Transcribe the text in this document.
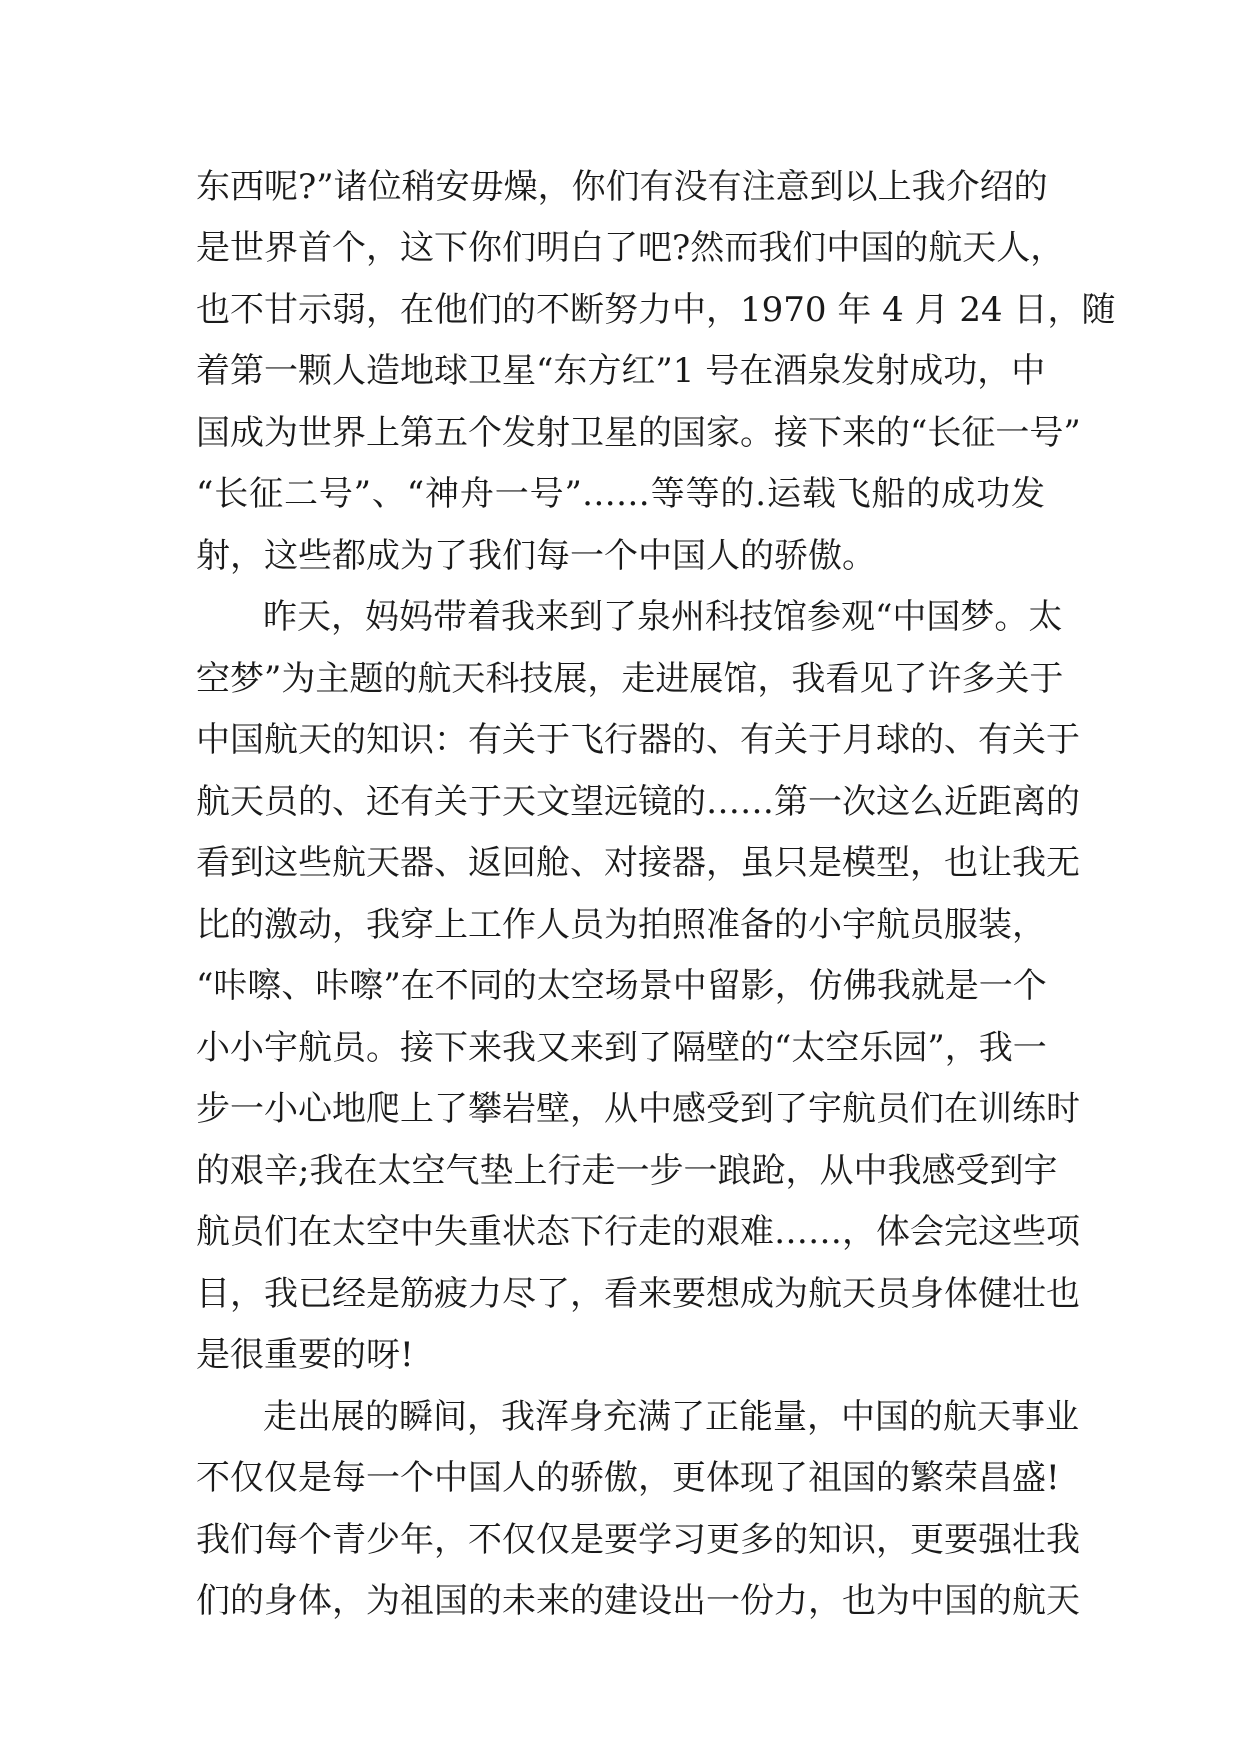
东西呢?”诸位稍安毋燥，你们有没有注意到以上我介绍的

是世界首个，这下你们明白了吧?然而我们中国的航天人，

也不甘示弱，在他们的不断努力中，1970 年 4 月 24 日，随

着第一颗人造地球卫星“东方红”1 号在酒泉发射成功，中

国成为世界上第五个发射卫星的国家。接下来的“长征一号”

“长征二号”、“神舟一号”……等等的.运载飞船的成功发

射，这些都成为了我们每一个中国人的骄傲。

昨天，妈妈带着我来到了泉州科技馆参观“中国梦。太

空梦”为主题的航天科技展，走进展馆，我看见了许多关于

中国航天的知识：有关于飞行器的、有关于月球的、有关于

航天员的、还有关于天文望远镜的……第一次这么近距离的

看到这些航天器、返回舱、对接器，虽只是模型，也让我无

比的激动，我穿上工作人员为拍照准备的小宇航员服装，

“咔嚓、咔嚓”在不同的太空场景中留影，仿佛我就是一个

小小宇航员。接下来我又来到了隔壁的“太空乐园”，我一

步一小心地爬上了攀岩壁，从中感受到了宇航员们在训练时

的艰辛;我在太空气垫上行走一步一踉跄，从中我感受到宇

航员们在太空中失重状态下行走的艰难……，体会完这些项

目，我已经是筋疲力尽了，看来要想成为航天员身体健壮也

是很重要的呀!

走出展的瞬间，我浑身充满了正能量，中国的航天事业

不仅仅是每一个中国人的骄傲，更体现了祖国的繁荣昌盛!

我们每个青少年，不仅仅是要学习更多的知识，更要强壮我

们的身体，为祖国的未来的建设出一份力，也为中国的航天
